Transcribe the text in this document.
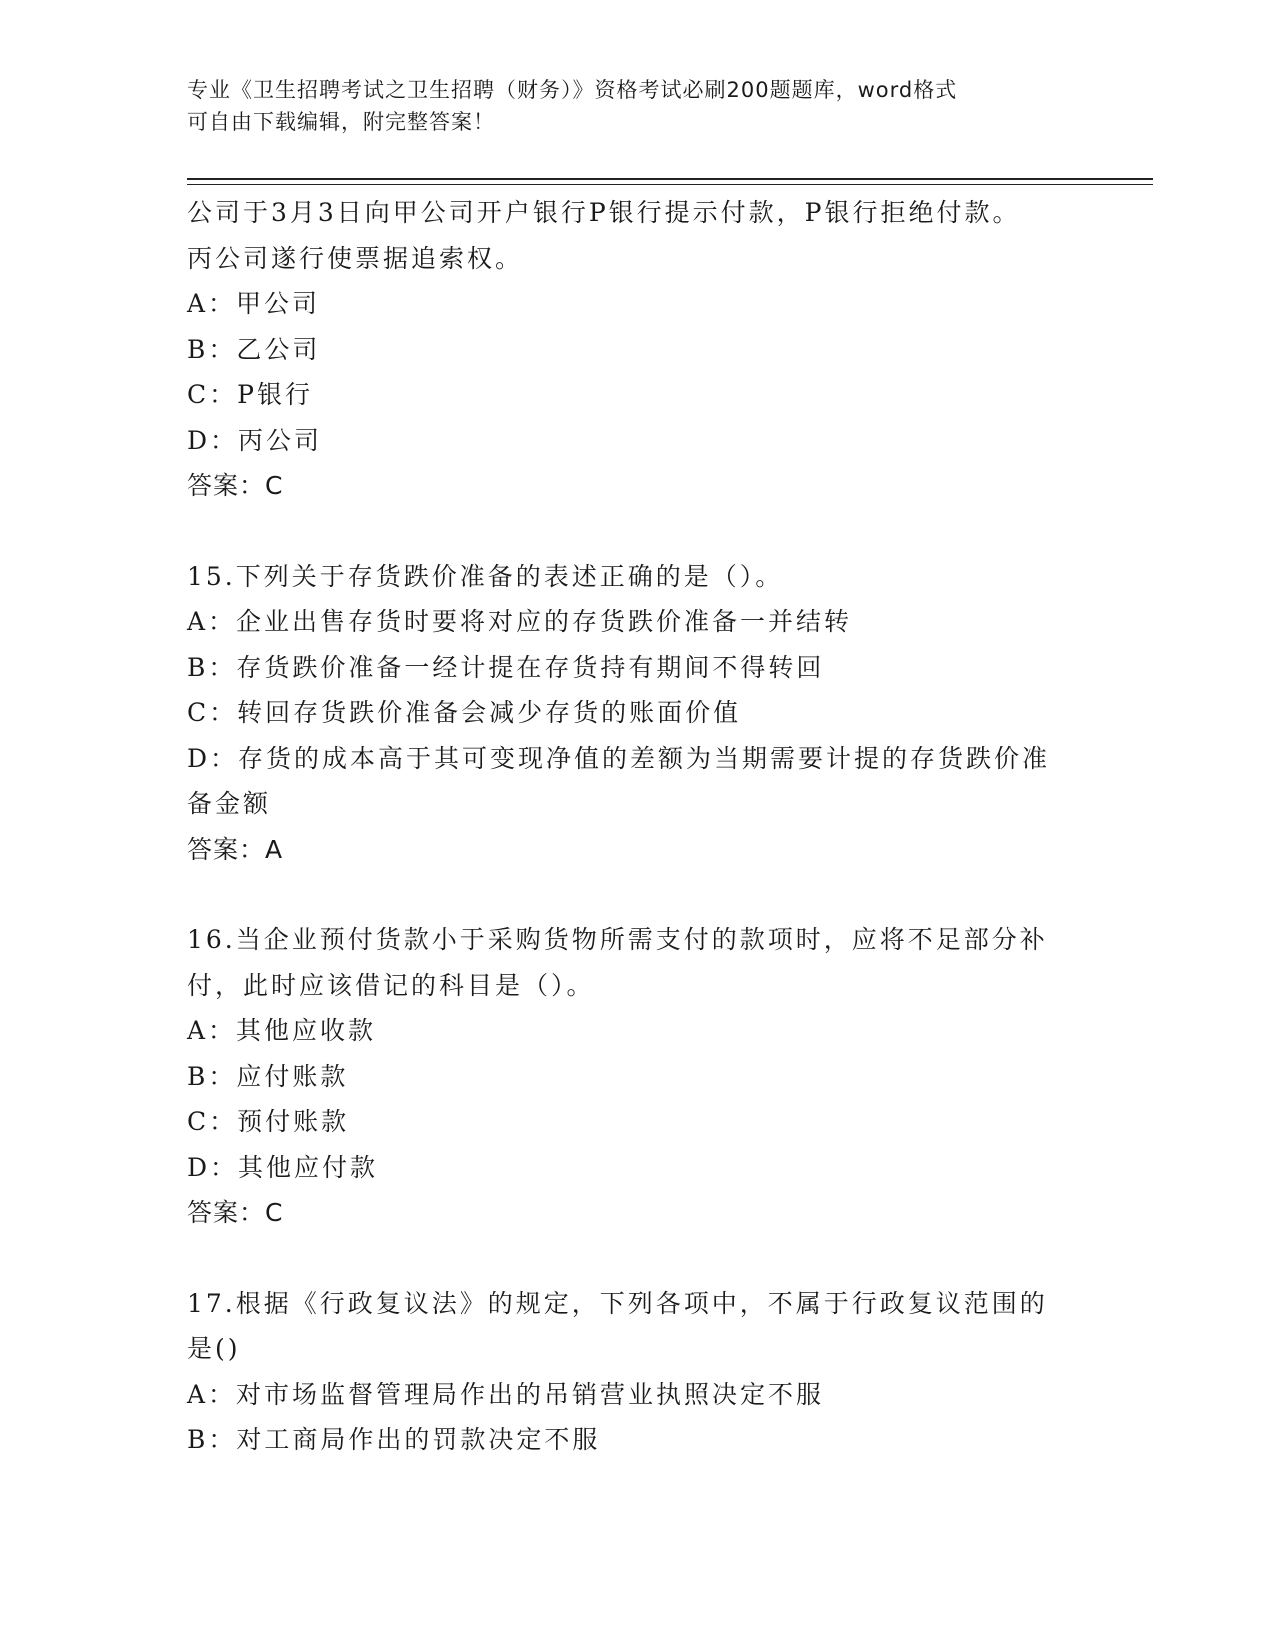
专业《卫生招聘考试之卫生招聘（财务）》资格考试必刷200题题库，word格式
可自由下载编辑，附完整答案！
公司于3月3日向甲公司开户银行P银行提示付款，P银行拒绝付款。
丙公司遂行使票据追索权。
A：甲公司
B：乙公司
C：P银行
D：丙公司
答案：C
15.下列关于存货跌价准备的表述正确的是（）。
A：企业出售存货时要将对应的存货跌价准备一并结转
B：存货跌价准备一经计提在存货持有期间不得转回
C：转回存货跌价准备会减少存货的账面价值
D：存货的成本高于其可变现净值的差额为当期需要计提的存货跌价准
备金额
答案：A
16.当企业预付货款小于采购货物所需支付的款项时，应将不足部分补
付，此时应该借记的科目是（）。
A：其他应收款
B：应付账款
C：预付账款
D：其他应付款
答案：C
17.根据《行政复议法》的规定，下列各项中，不属于行政复议范围的
是()
A：对市场监督管理局作出的吊销营业执照决定不服
B：对工商局作出的罚款决定不服
